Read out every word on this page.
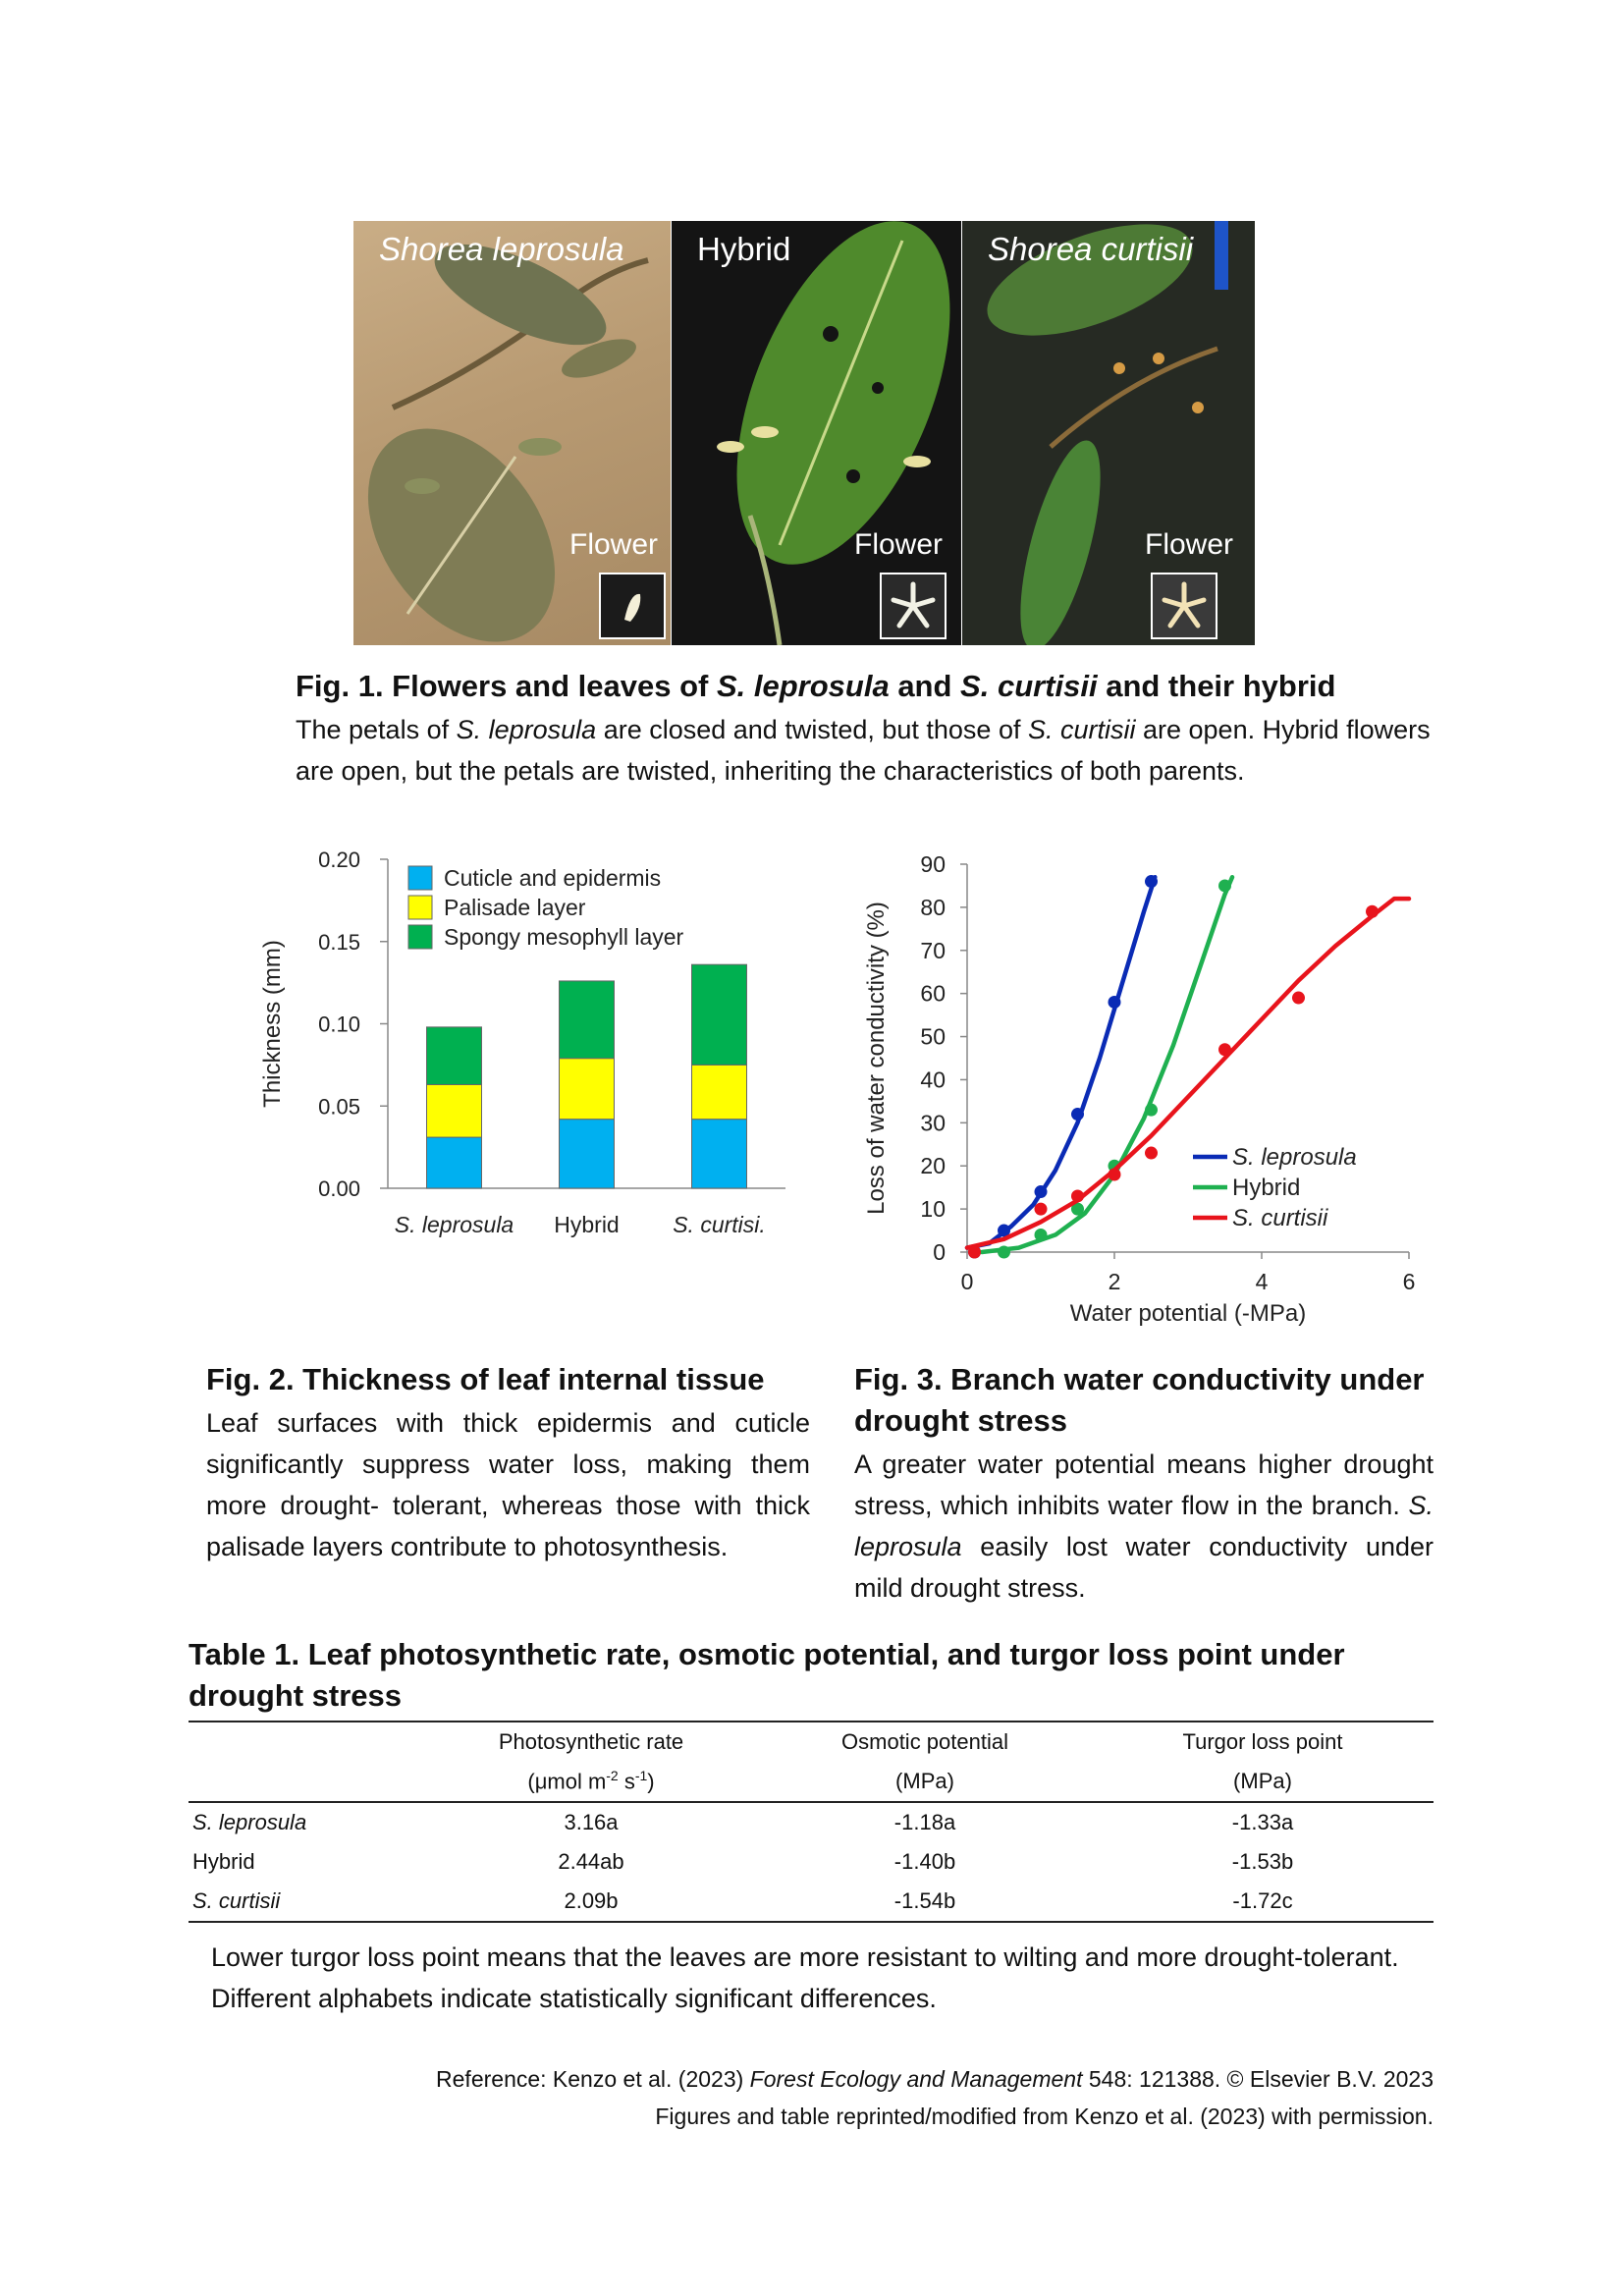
Shorea leprosula
Flower
Hybrid
Flower
Shorea curtisii
Flower
Fig. 1. Flowers and leaves of S. leprosula and S. curtisii and their hybrid
The petals of S. leprosula are closed and twisted, but those of S. curtisii are open. Hybrid flowers are open, but the petals are twisted, inheriting the characteristics of both parents.
0.00
0.05
0.10
0.15
0.20
S. leprosula Hybrid S. curtisi.
Cuticle and epidermis
Palisade layer
Spongy mesophyll layer
Thickness (mm)
0
10
20
30
40
50
60
70
80
90
0	2	4	6
S. leprosula
Hybrid
S. curtisii
Loss of water conductivity (%)
Water potential (-MPa)
Fig. 2. Thickness of leaf internal tissue
Leaf surfaces with thick epidermis and cuticle significantly suppress water loss, making them more drought- tolerant, whereas those with thick palisade layers contribute to photosynthesis.
Fig. 3. Branch water conductivity under drought stress
A greater water potential means higher drought stress, which inhibits water flow in the branch. S. leprosula easily lost water conductivity under mild drought stress.
Table 1. Leaf photosynthetic rate, osmotic potential, and turgor loss point under drought stress
	Photosynthetic rate	Osmotic potential	Turgor loss point
	(μmol $m^{-2}$ $s^{-1}$)	(MPa)	(MPa)
S. leprosula	3.16a	-1.18a	-1.33a
Hybrid	2.44ab	-1.40b	-1.53b
S. curtisii	2.09b	-1.54b	-1.72c
Lower turgor loss point means that the leaves are more resistant to wilting and more drought-tolerant. Different alphabets indicate statistically significant differences.
Reference: Kenzo et al. (2023) Forest Ecology and Management 548: 121388. © Elsevier B.V. 2023
Figures and table reprinted/modified from Kenzo et al. (2023) with permission.
